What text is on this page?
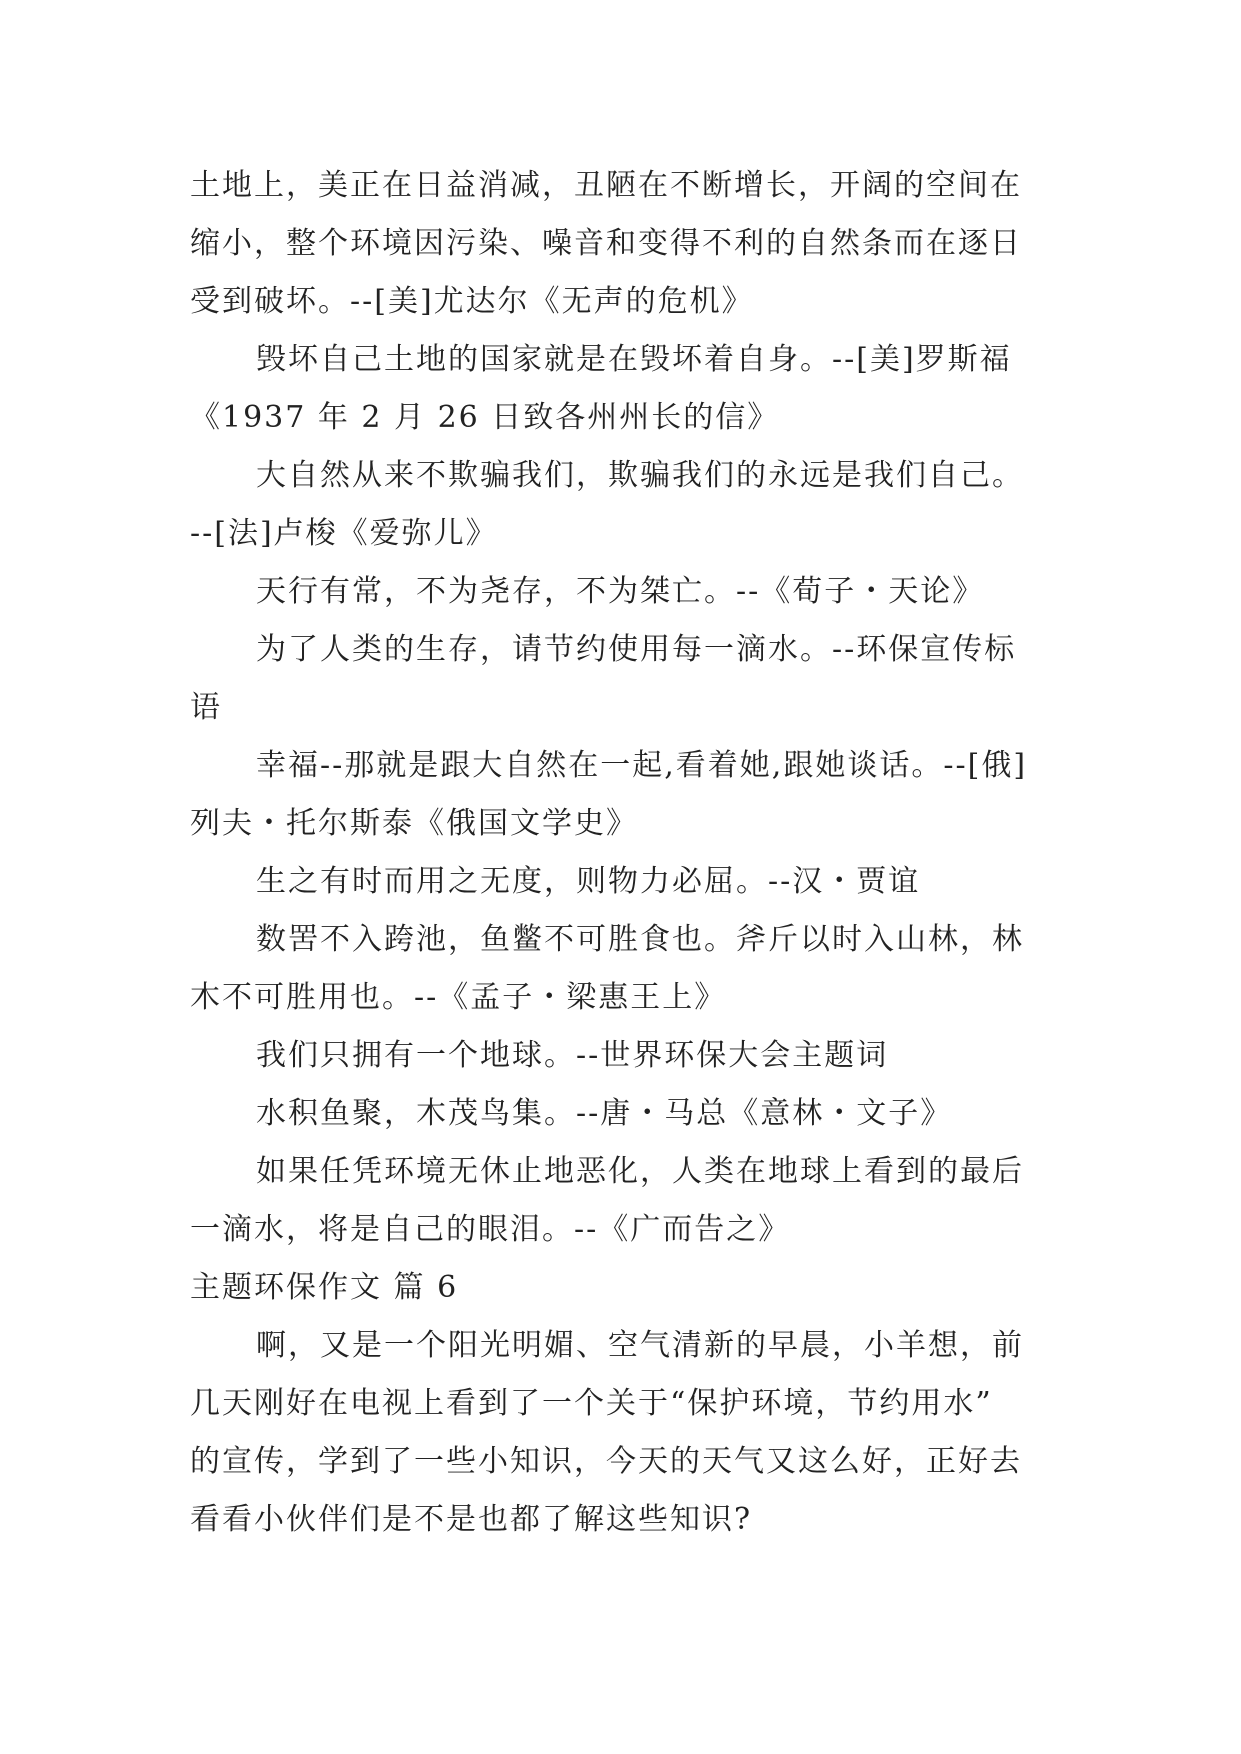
土地上，美正在日益消减，丑陋在不断增长，开阔的空间在
缩小，整个环境因污染、噪音和变得不利的自然条而在逐日
受到破坏。--[美]尤达尔《无声的危机》
毁坏自己土地的国家就是在毁坏着自身。--[美]罗斯福
《1937 年 2 月 26 日致各州州长的信》
大自然从来不欺骗我们，欺骗我们的永远是我们自己。
--[法]卢梭《爱弥儿》
天行有常，不为尧存，不为桀亡。--《荀子・天论》
为了人类的生存，请节约使用每一滴水。--环保宣传标
语
幸福--那就是跟大自然在一起,看着她,跟她谈话。--[俄]
列夫・托尔斯泰《俄国文学史》
生之有时而用之无度，则物力必屈。--汉・贾谊
数罟不入跨池，鱼鳖不可胜食也。斧斤以时入山林，林
木不可胜用也。--《孟子・梁惠王上》
我们只拥有一个地球。--世界环保大会主题词
水积鱼聚，木茂鸟集。--唐・马总《意林・文子》
如果任凭环境无休止地恶化，人类在地球上看到的最后
一滴水，将是自己的眼泪。--《广而告之》
主题环保作文 篇 6
啊，又是一个阳光明媚、空气清新的早晨，小羊想，前
几天刚好在电视上看到了一个关于“保护环境，节约用水”
的宣传，学到了一些小知识，今天的天气又这么好，正好去
看看小伙伴们是不是也都了解这些知识?
